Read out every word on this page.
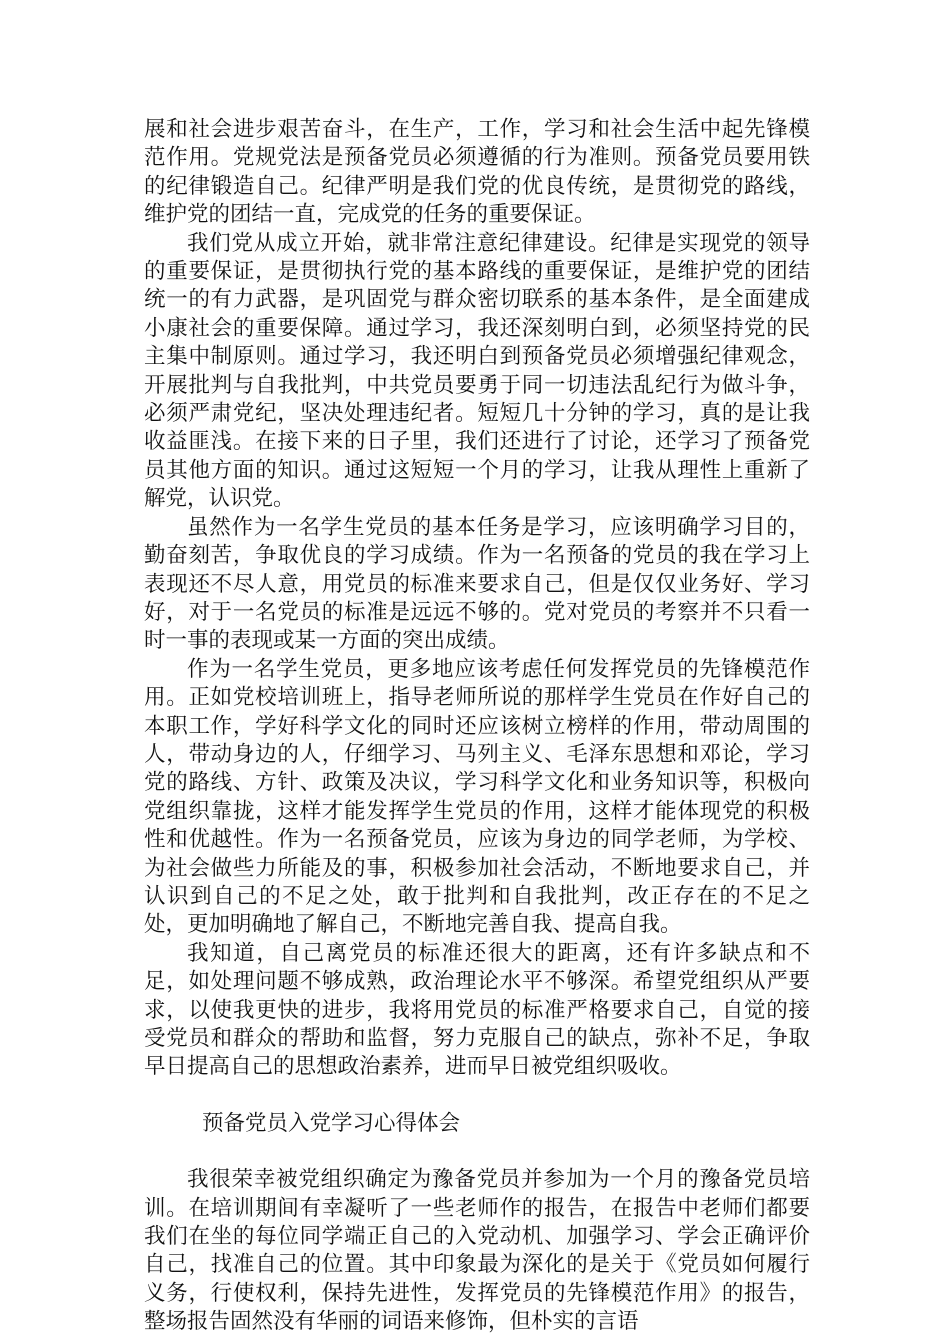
展和社会进步艰苦奋斗，在生产，工作，学习和社会生活中起先锋模范作用。党规党法是预备党员必须遵循的行为准则。预备党员要用铁的纪律锻造自己。纪律严明是我们党的优良传统，是贯彻党的路线，维护党的团结一直，完成党的任务的重要保证。

我们党从成立开始，就非常注意纪律建设。纪律是实现党的领导的重要保证，是贯彻执行党的基本路线的重要保证，是维护党的团结统一的有力武器，是巩固党与群众密切联系的基本条件，是全面建成小康社会的重要保障。通过学习，我还深刻明白到，必须坚持党的民主集中制原则。通过学习，我还明白到预备党员必须增强纪律观念，开展批判与自我批判，中共党员要勇于同一切违法乱纪行为做斗争，必须严肃党纪，坚决处理违纪者。短短几十分钟的学习，真的是让我收益匪浅。在接下来的日子里，我们还进行了讨论，还学习了预备党员其他方面的知识。通过这短短一个月的学习，让我从理性上重新了解党，认识党。

虽然作为一名学生党员的基本任务是学习，应该明确学习目的，勤奋刻苦，争取优良的学习成绩。作为一名预备的党员的我在学习上表现还不尽人意，用党员的标准来要求自己，但是仅仅业务好、学习好，对于一名党员的标准是远远不够的。党对党员的考察并不只看一时一事的表现或某一方面的突出成绩。

作为一名学生党员，更多地应该考虑任何发挥党员的先锋模范作用。正如党校培训班上，指导老师所说的那样学生党员在作好自己的本职工作，学好科学文化的同时还应该树立榜样的作用，带动周围的人，带动身边的人，仔细学习、马列主义、毛泽东思想和邓论，学习党的路线、方针、政策及决议，学习科学文化和业务知识等，积极向党组织靠拢，这样才能发挥学生党员的作用，这样才能体现党的积极性和优越性。作为一名预备党员，应该为身边的同学老师，为学校、为社会做些力所能及的事，积极参加社会活动，不断地要求自己，并认识到自己的不足之处，敢于批判和自我批判，改正存在的不足之处，更加明确地了解自己，不断地完善自我、提高自我。

我知道，自己离党员的标准还很大的距离，还有许多缺点和不足，如处理问题不够成熟，政治理论水平不够深。希望党组织从严要求，以使我更快的进步，我将用党员的标准严格要求自己，自觉的接受党员和群众的帮助和监督，努力克服自己的缺点，弥补不足，争取早日提高自己的思想政治素养，进而早日被党组织吸收。

预备党员入党学习心得体会

我很荣幸被党组织确定为豫备党员并参加为一个月的豫备党员培训。在培训期间有幸凝听了一些老师作的报告，在报告中老师们都要我们在坐的每位同学端正自己的入党动机、加强学习、学会正确评价自己，找准自己的位置。其中印象最为深化的是关于《党员如何履行义务，行使权利，保持先进性，发挥党员的先锋模范作用》的报告，整场报告固然没有华丽的词语来修饰，但朴实的言语
